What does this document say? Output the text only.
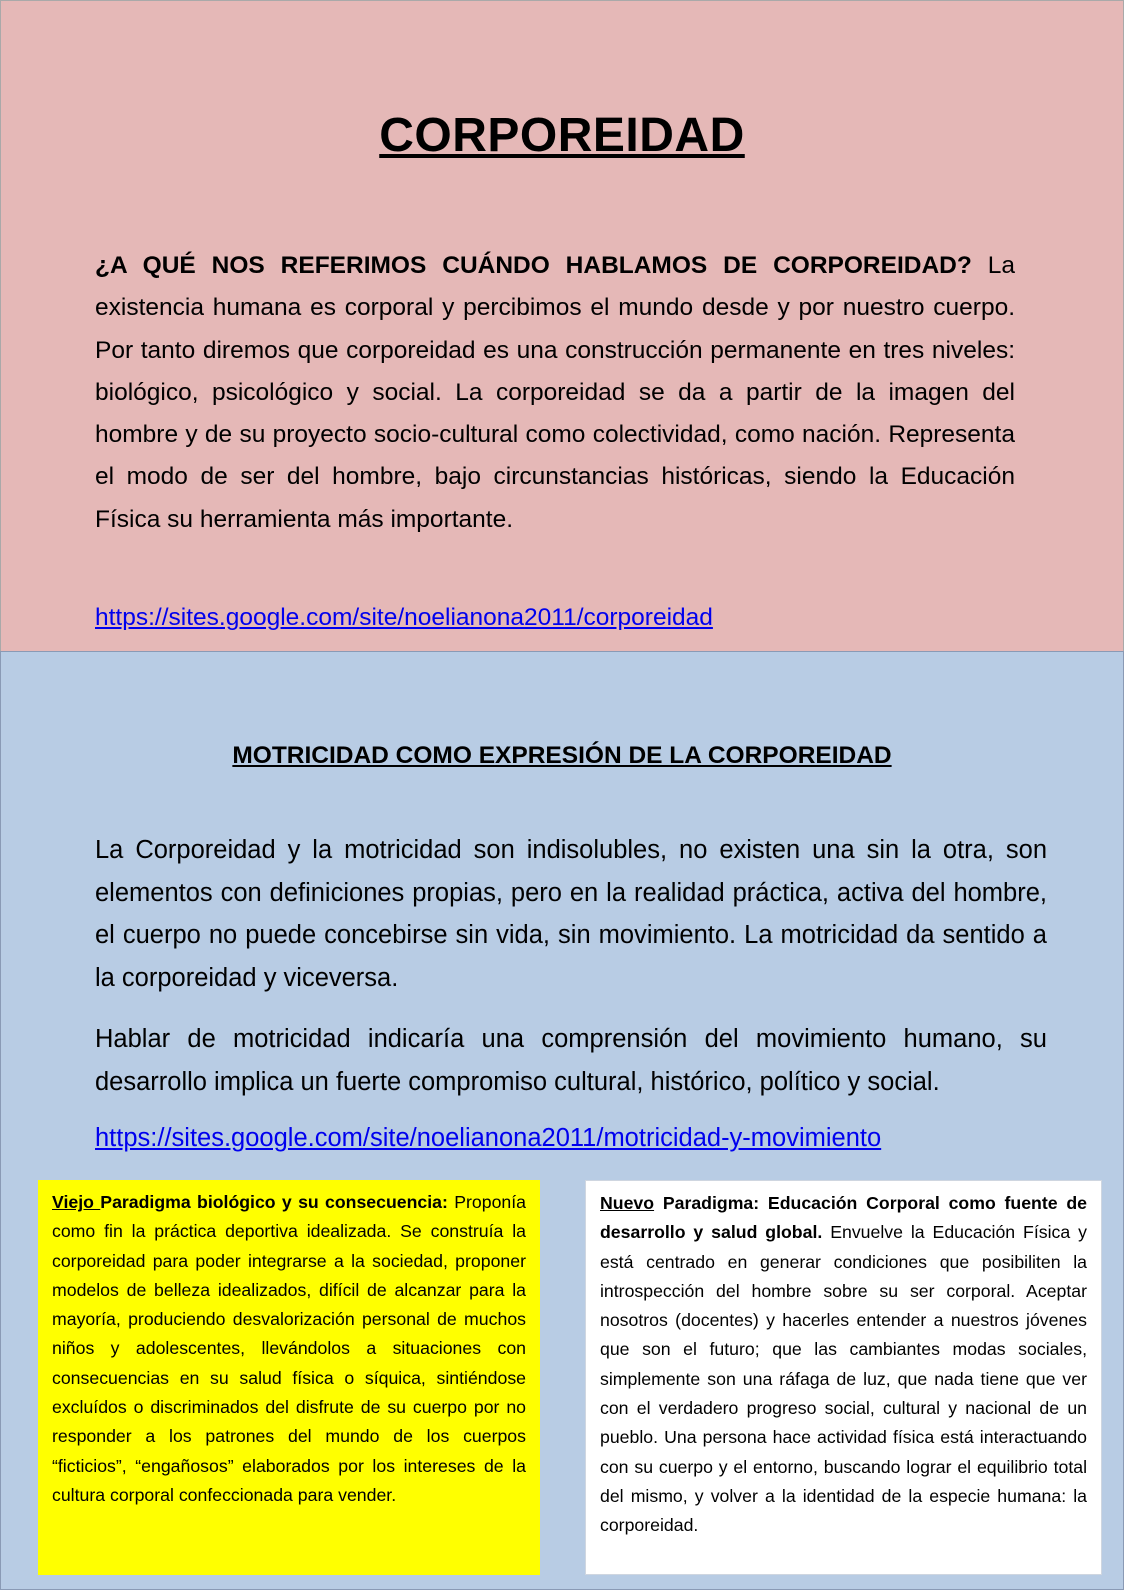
CORPOREIDAD

¿A QUÉ NOS REFERIMOS CUÁNDO HABLAMOS DE CORPOREIDAD? La existencia humana es corporal y percibimos el mundo desde y por nuestro cuerpo. Por tanto diremos que corporeidad es una construcción permanente en tres niveles: biológico, psicológico y social. La corporeidad se da a partir de la imagen del hombre y de su proyecto socio-cultural como colectividad, como nación. Representa el modo de ser del hombre, bajo circunstancias históricas, siendo la Educación Física su herramienta más importante.

https://sites.google.com/site/noelianona2011/corporeidad
MOTRICIDAD COMO EXPRESIÓN DE LA CORPOREIDAD

La Corporeidad y la motricidad son indisolubles, no existen una sin la otra, son elementos con definiciones propias, pero en la realidad práctica, activa del hombre, el cuerpo no puede concebirse sin vida, sin movimiento. La motricidad da sentido a la corporeidad y viceversa.

Hablar de motricidad indicaría una comprensión del movimiento humano, su desarrollo implica un fuerte compromiso cultural, histórico, político y social.

https://sites.google.com/site/noelianona2011/motricidad-y-movimiento
Viejo Paradigma biológico y su consecuencia: Proponía como fin la práctica deportiva idealizada. Se construía la corporeidad para poder integrarse a la sociedad, proponer modelos de belleza idealizados, difícil de alcanzar para la mayoría, produciendo desvalorización personal de muchos niños y adolescentes, llevándolos a situaciones con consecuencias en su salud física o síquica, sintiéndose excluídos o discriminados del disfrute de su cuerpo por no responder a los patrones del mundo de los cuerpos “ficticios”, “engañosos” elaborados por los intereses de la cultura corporal confeccionada para vender.
Nuevo Paradigma: Educación Corporal como fuente de desarrollo y salud global. Envuelve la Educación Física y está centrado en generar condiciones que posibiliten la introspección del hombre sobre su ser corporal. Aceptar nosotros (docentes) y hacerles entender a nuestros jóvenes que son el futuro; que las cambiantes modas sociales, simplemente son una ráfaga de luz, que nada tiene que ver con el verdadero progreso social, cultural y nacional de un pueblo. Una persona hace actividad física está interactuando con su cuerpo y el entorno, buscando lograr el equilibrio total del mismo, y volver a la identidad de la especie humana: la corporeidad.
